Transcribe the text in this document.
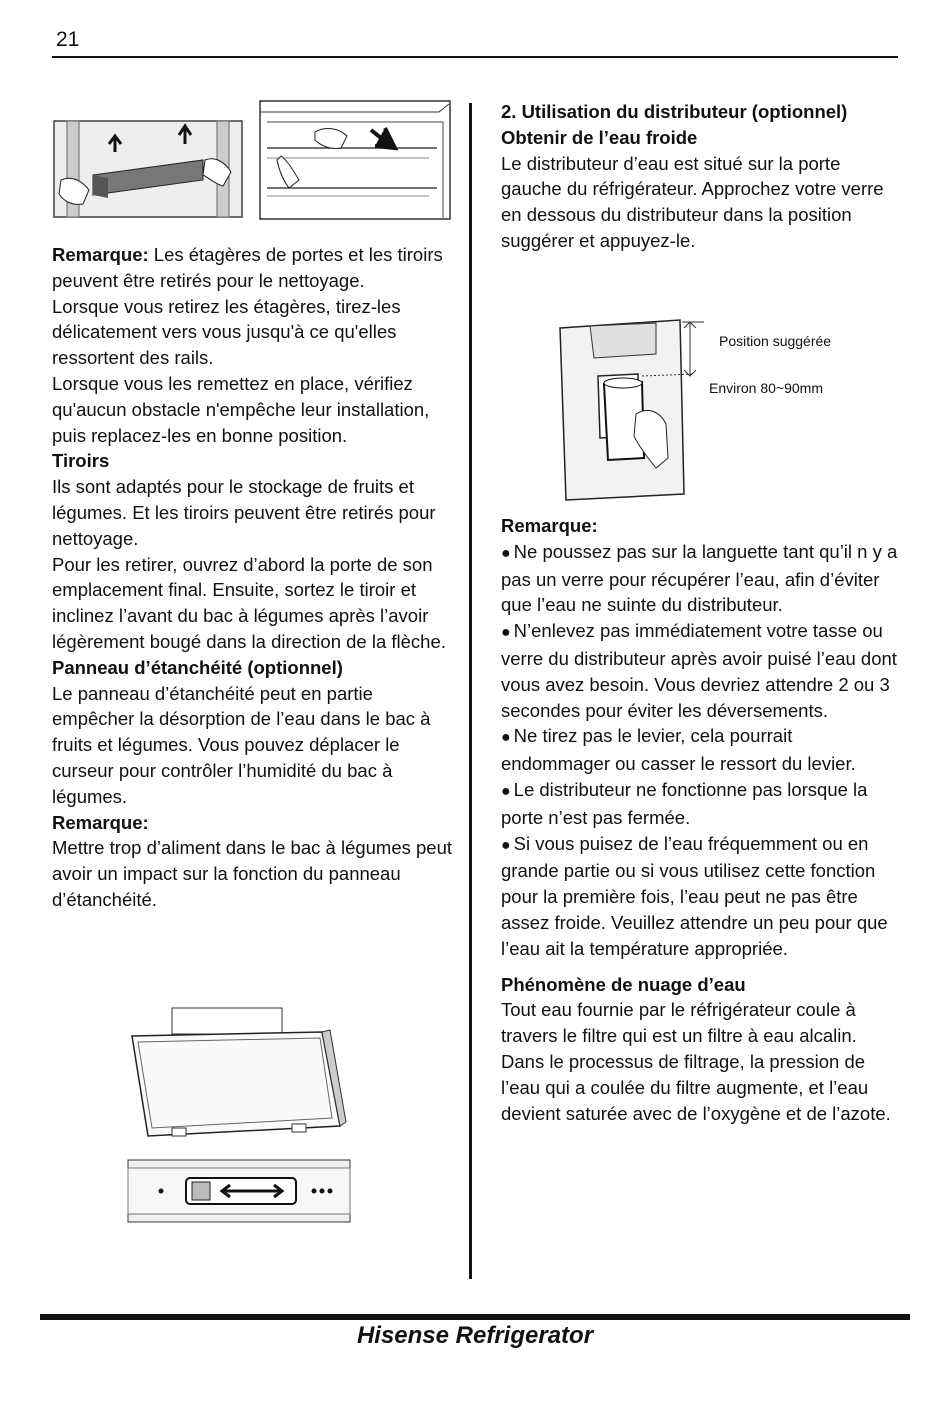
21

Remarque: Les étagères de portes et les tiroirs peuvent être retirés pour le nettoyage.

Lorsque vous retirez les étagères, tirez-les délicatement vers vous jusqu'à ce qu'elles ressortent des rails.

Lorsque vous les remettez en place, vérifiez qu'aucun obstacle n'empêche leur installation, puis replacez-les en bonne position.

Tiroirs

Ils sont adaptés pour le stockage de fruits et légumes. Et les tiroirs peuvent être retirés pour nettoyage.

Pour les retirer, ouvrez d’abord la porte de son emplacement final. Ensuite, sortez le tiroir et inclinez l’avant du bac à légumes après l’avoir légèrement bougé dans la direction de la flèche.

Panneau d’étanchéité (optionnel)

Le panneau d’étanchéité peut en partie empêcher la désorption de l’eau dans le bac à fruits et légumes. Vous pouvez déplacer le curseur pour contrôler l’humidité du bac à légumes.

Remarque:

Mettre trop d’aliment dans le bac à légumes peut avoir un impact sur la fonction du panneau d’étanchéité.

2. Utilisation du distributeur (optionnel)

Obtenir de l’eau froide

Le distributeur d’eau est situé sur la porte gauche du réfrigérateur. Approchez votre verre en dessous du distributeur dans la position suggérer et appuyez-le.

Position suggérée
Environ 80~90mm

Remarque:

● Ne poussez pas sur la languette tant qu’il n y a pas un verre pour récupérer l’eau, afin d’éviter que l’eau ne suinte du distributeur.

● N’enlevez pas immédiatement votre tasse ou verre du distributeur après avoir puisé l’eau dont vous avez besoin. Vous devriez attendre 2 ou 3 secondes pour éviter les déversements.

● Ne tirez pas le levier, cela pourrait endommager ou casser le ressort du levier.

● Le distributeur ne fonctionne pas lorsque la porte n’est pas fermée.

● Si vous puisez de l’eau fréquemment ou en grande partie ou si vous utilisez cette fonction pour la première fois, l’eau peut ne pas être assez froide. Veuillez attendre un peu pour que l’eau ait la température appropriée.

Phénomène de nuage d’eau

Tout eau fournie par le réfrigérateur coule à travers le filtre qui est un filtre à eau alcalin. Dans le processus de filtrage, la pression de l’eau qui a coulée du filtre augmente, et l’eau devient saturée avec de l’oxygène et de l’azote.

Hisense Refrigerator
